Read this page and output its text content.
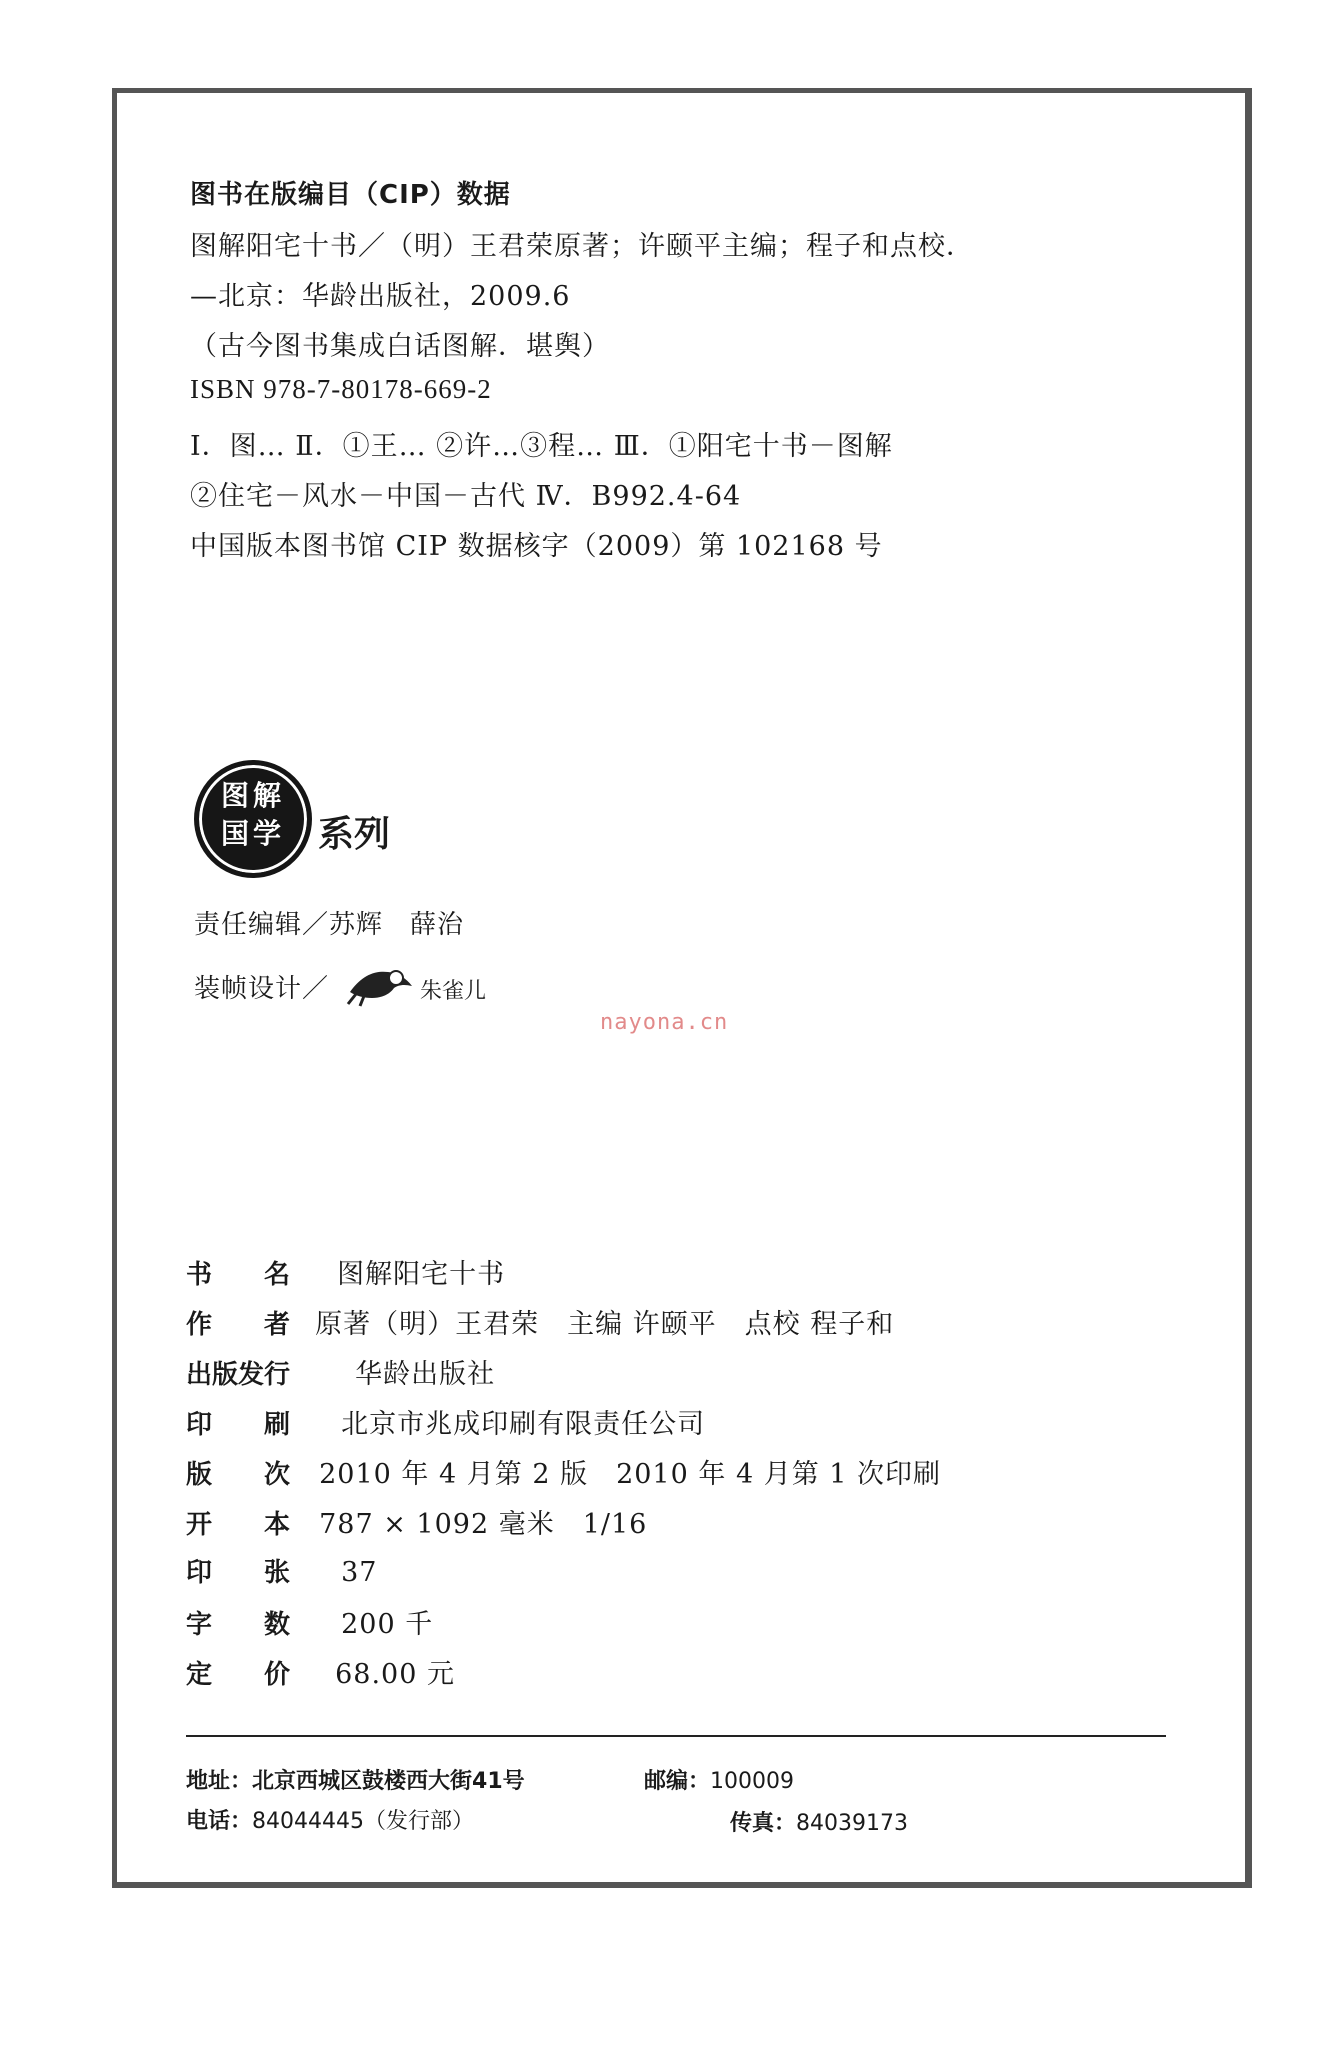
图书在版编目（CIP）数据
图解阳宅十书／（明）王君荣原著；许颐平主编；程子和点校．
—北京：华龄出版社，2009.6
（古今图书集成白话图解．堪舆）
ISBN 978-7-80178-669-2
Ⅰ．图… Ⅱ．①王… ②许…③程… Ⅲ．①阳宅十书－图解
②住宅－风水－中国－古代 Ⅳ．B992.4-64
中国版本图书馆 CIP 数据核字（2009）第 102168 号
图解
国学 系列
责任编辑／苏辉　薛治
装帧设计／	朱雀儿
nayona.cn
书　　名 图解阳宅十书
作　　者 原著（明）王君荣　主编 许颐平　点校 程子和
出版发行 华龄出版社
印　　刷 北京市兆成印刷有限责任公司
版　　次 2010 年 4 月第 2 版　2010 年 4 月第 1 次印刷
开　　本 787 × 1092 毫米　1/16
印　　张 37
字　　数 200 千
定　　价 68.00 元
地址：北京西城区鼓楼西大街41号	邮编：100009
电话：84044445（发行部）	传真：84039173
